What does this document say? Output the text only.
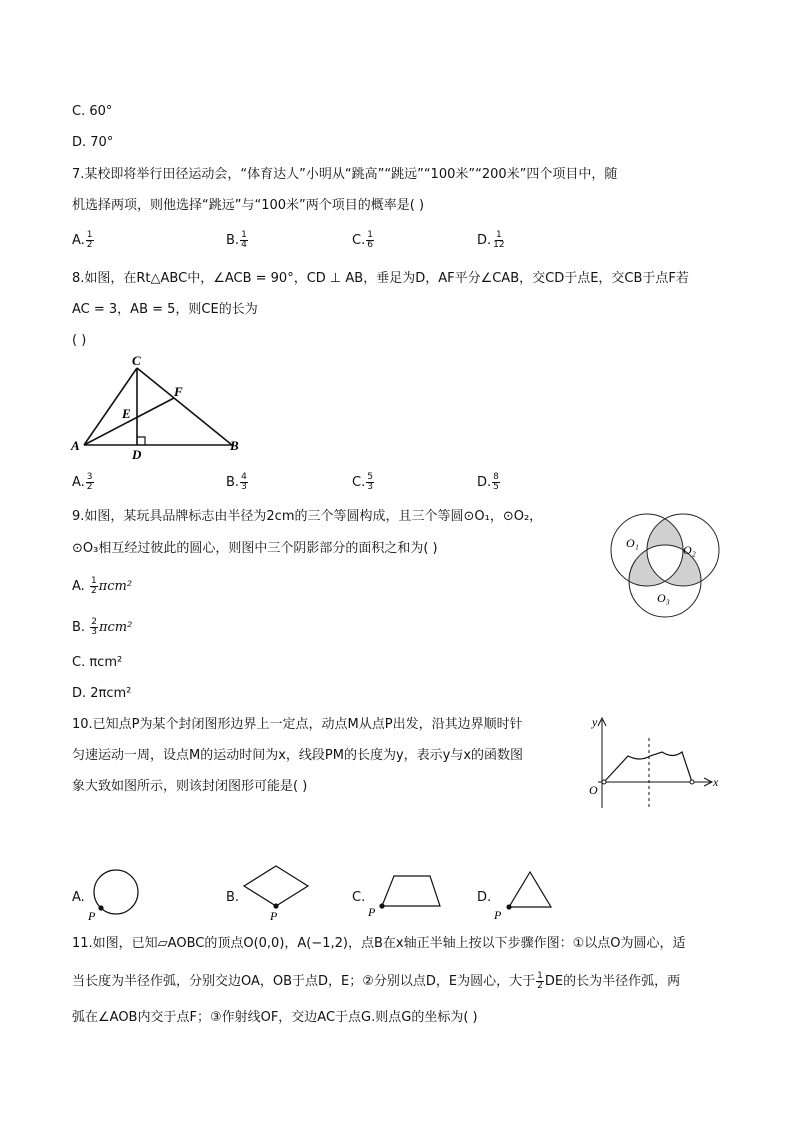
C. 60°
D. 70°
7.某校即将举行田径运动会，“体育达人”小明从“跳高”“跳远”“100米”“200米”四个项目中，随
机选择两项，则他选择“跳远”与“100米”两个项目的概率是( )
A. $\frac{1}{2}$	B. $\frac{1}{4}$	C. $\frac{1}{6}$	D. $\frac{1}{12}$
8.如图，在Rt△ABC中，∠ACB = 90°，CD ⊥ AB，垂足为D，AF平分∠CAB，交CD于点E，交CB于点F若
AC = 3，AB = 5，则CE的长为
( )
C
F
E
A
D
B
A. $\frac{3}{2}$	B. $\frac{4}{3}$	C. $\frac{5}{3}$	D. $\frac{8}{5}$
9.如图，某玩具品牌标志由半径为2cm的三个等圆构成，且三个等圆⊙O₁，⊙O₂，
⊙O₃相互经过彼此的圆心，则图中三个阴影部分的面积之和为( )
A. $\frac{1}{2} \pi cm^2$
B. $\frac{2}{3} \pi cm^2$
C. πcm²
D. 2πcm²
O₁	O₂
O₃
10.已知点P为某个封闭图形边界上一定点，动点M从点P出发，沿其边界顺时针
匀速运动一周，设点M的运动时间为x，线段PM的长度为y，表示y与x的函数图
象大致如图所示，则该封闭图形可能是( )
y
x
O
A.
P
B.
P
C.
P
D.
P
11.如图，已知▱AOBC的顶点O(0,0)，A(−1,2)，点B在x轴正半轴上按以下步骤作图：①以点O为圆心，适
当长度为半径作弧，分别交边OA，OB于点D，E；②分别以点D，E为圆心，大于 $\frac{1}{2}$ DE的长为半径作弧，两
弧在∠AOB内交于点F；③作射线OF，交边AC于点G.则点G的坐标为( )
